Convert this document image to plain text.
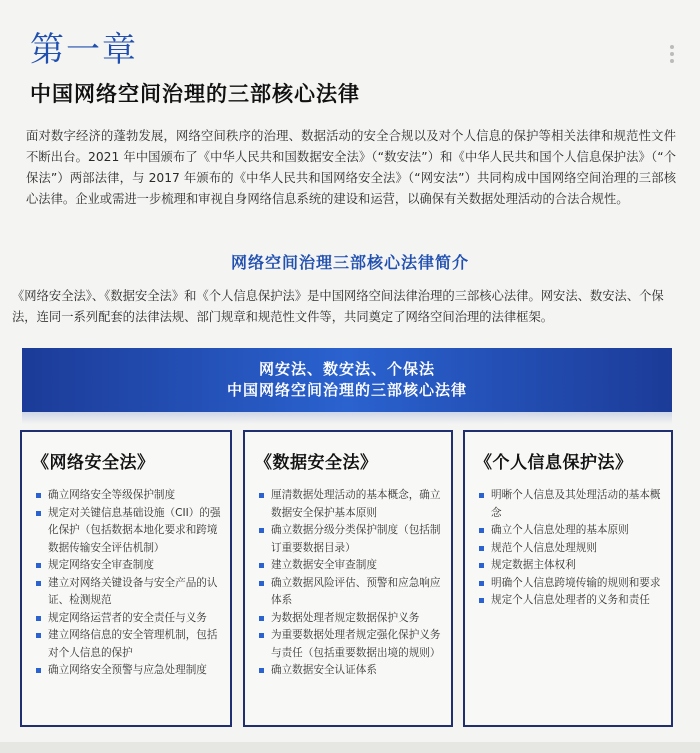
第一章
中国网络空间治理的三部核心法律

面对数字经济的蓬勃发展，网络空间秩序的治理、数据活动的安全合规以及对个人信息的保护等相关法律和规范性文件不断出台。2021 年中国颁布了《中华人民共和国数据安全法》（“数安法”）和《中华人民共和国个人信息保护法》（“个保法”）两部法律，与 2017 年颁布的《中华人民共和国网络安全法》（“网安法”）共同构成中国网络空间治理的三部核心法律。企业或需进一步梳理和审视自身网络信息系统的建设和运营，以确保有关数据处理活动的合法合规性。

网络空间治理三部核心法律简介

《网络安全法》、《数据安全法》和《个人信息保护法》是中国网络空间法律治理的三部核心法律。网安法、数安法、个保法，连同一系列配套的法律法规、部门规章和规范性文件等，共同奠定了网络空间治理的法律框架。

网安法、数安法、个保法
中国网络空间治理的三部核心法律
《网络安全法》
确立网络安全等级保护制度
规定对关键信息基础设施（CII）的强化保护（包括数据本地化要求和跨境数据传输安全评估机制）
规定网络安全审查制度
建立对网络关键设备与安全产品的认证、检测规范
规定网络运营者的安全责任与义务
建立网络信息的安全管理机制，包括对个人信息的保护
确立网络安全预警与应急处理制度
《数据安全法》
厘清数据处理活动的基本概念，确立数据安全保护基本原则
确立数据分级分类保护制度（包括制订重要数据目录）
建立数据安全审查制度
确立数据风险评估、预警和应急响应体系
为数据处理者规定数据保护义务
为重要数据处理者规定强化保护义务与责任（包括重要数据出境的规则）
确立数据安全认证体系
《个人信息保护法》
明晰个人信息及其处理活动的基本概念
确立个人信息处理的基本原则
规范个人信息处理规则
规定数据主体权利
明确个人信息跨境传输的规则和要求
规定个人信息处理者的义务和责任
